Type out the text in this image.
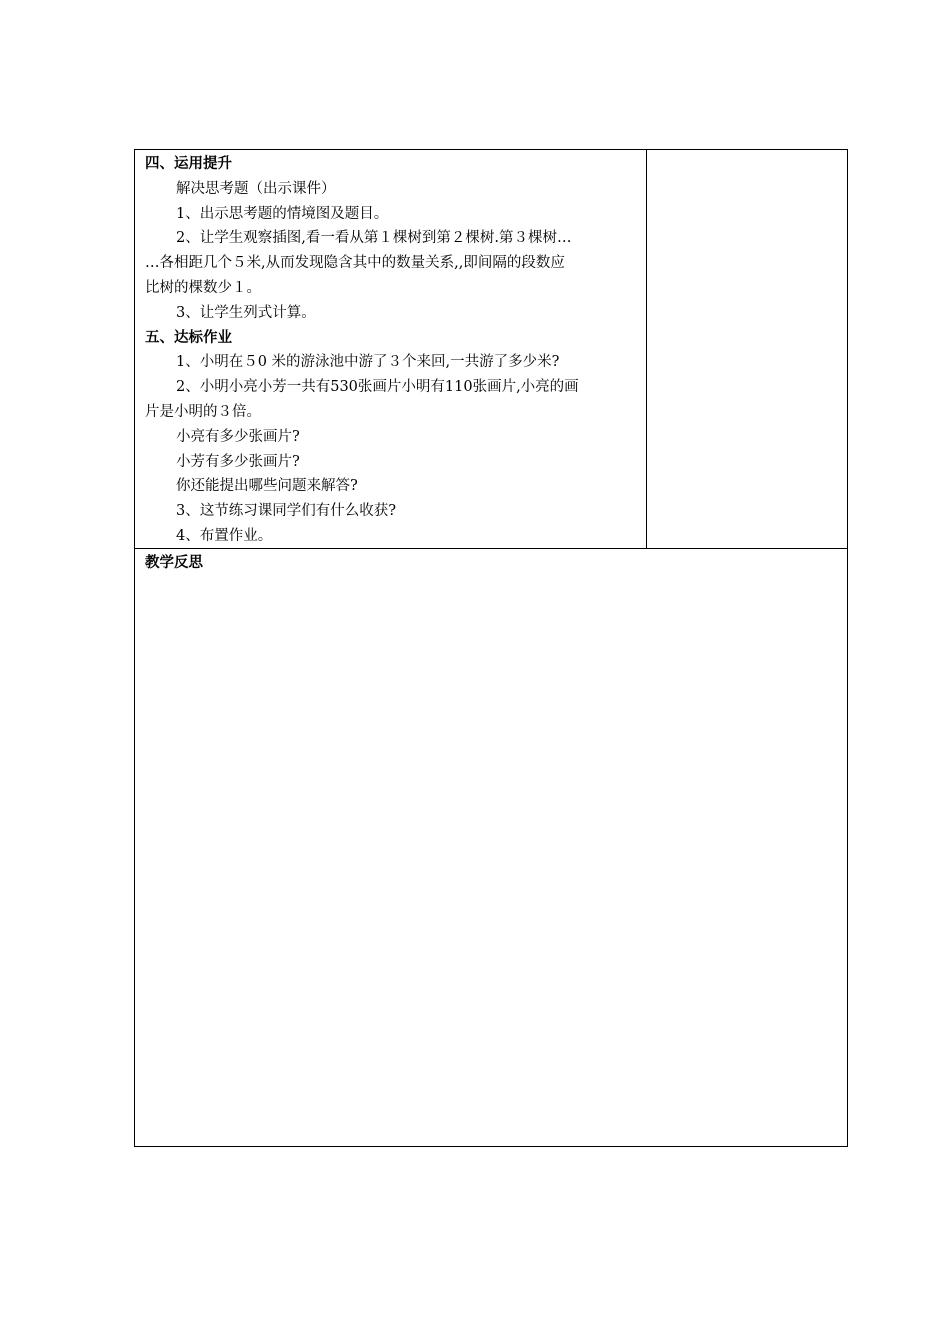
四、运用提升
解决思考题（出示课件）
1、出示思考题的情境图及题目。
2、让学生观察插图,看一看从第１棵树到第２棵树.第３棵树…
…各相距几个５米,从而发现隐含其中的数量关系,,即间隔的段数应
比树的棵数少１。
3、让学生列式计算。
五、达标作业
1、小明在５0 米的游泳池中游了３个来回,一共游了多少米?
2、小明小亮小芳一共有530张画片小明有110张画片,小亮的画
片是小明的３倍。
小亮有多少张画片?
小芳有多少张画片?
你还能提出哪些问题来解答?
3、这节练习课同学们有什么收获?
4、布置作业。
教学反思
